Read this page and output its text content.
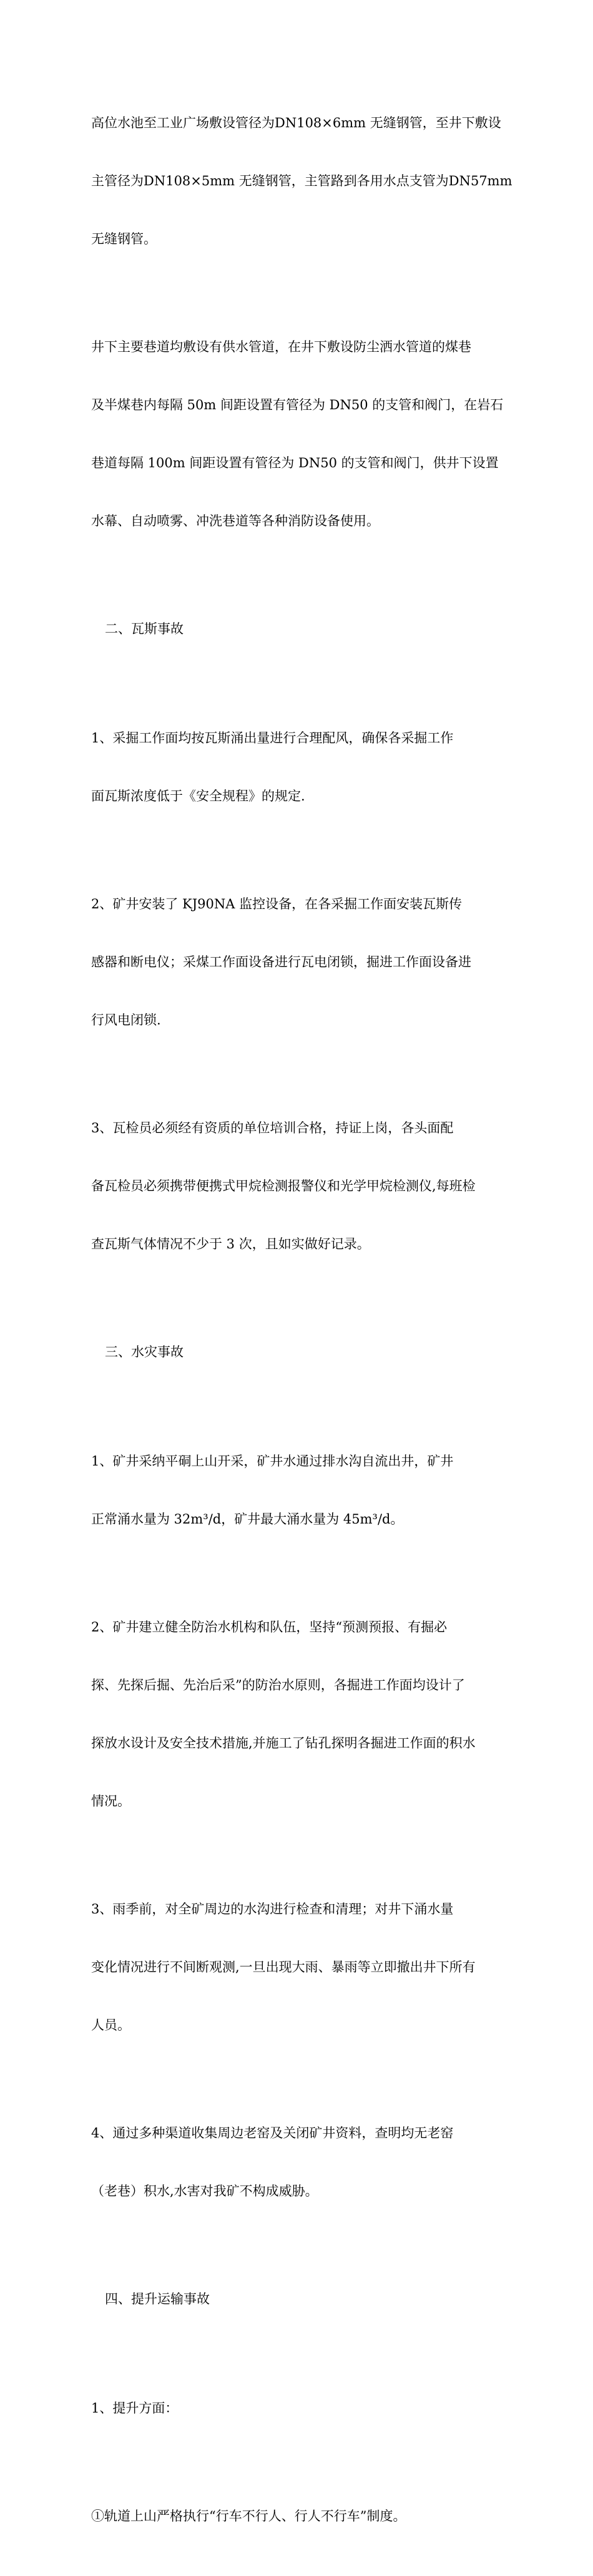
高位水池至工业广场敷设管径为DN108×6mm 无缝钢管，至井下敷设

主管径为DN108×5mm 无缝钢管，主管路到各用水点支管为DN57mm

无缝钢管。

井下主要巷道均敷设有供水管道，在井下敷设防尘洒水管道的煤巷

及半煤巷内每隔 50m 间距设置有管径为 DN50 的支管和阀门，在岩石

巷道每隔 100m 间距设置有管径为 DN50 的支管和阀门，供井下设置

水幕、自动喷雾、冲洗巷道等各种消防设备使用。

二、瓦斯事故

1、采掘工作面均按瓦斯涌出量进行合理配风，确保各采掘工作

面瓦斯浓度低于《安全规程》的规定.

2、矿井安装了 KJ90NA 监控设备，在各采掘工作面安装瓦斯传

感器和断电仪；采煤工作面设备进行瓦电闭锁，掘进工作面设备进

行风电闭锁.

3、瓦检员必须经有资质的单位培训合格，持证上岗，各头面配

备瓦检员必须携带便携式甲烷检测报警仪和光学甲烷检测仪,每班检

查瓦斯气体情况不少于 3 次，且如实做好记录。

三、水灾事故

1、矿井采纳平硐上山开采，矿井水通过排水沟自流出井，矿井

正常涌水量为 32m³/d，矿井最大涌水量为 45m³/d。

2、矿井建立健全防治水机构和队伍，坚持“预测预报、有掘必

探、先探后掘、先治后采”的防治水原则，各掘进工作面均设计了

探放水设计及安全技术措施,并施工了钻孔探明各掘进工作面的积水

情况。

3、雨季前，对全矿周边的水沟进行检查和清理；对井下涌水量

变化情况进行不间断观测,一旦出现大雨、暴雨等立即撤出井下所有

人员。

4、通过多种渠道收集周边老窑及关闭矿井资料，查明均无老窑

（老巷）积水,水害对我矿不构成威胁。

四、提升运输事故

1、提升方面：

①轨道上山严格执行“行车不行人、行人不行车”制度。
